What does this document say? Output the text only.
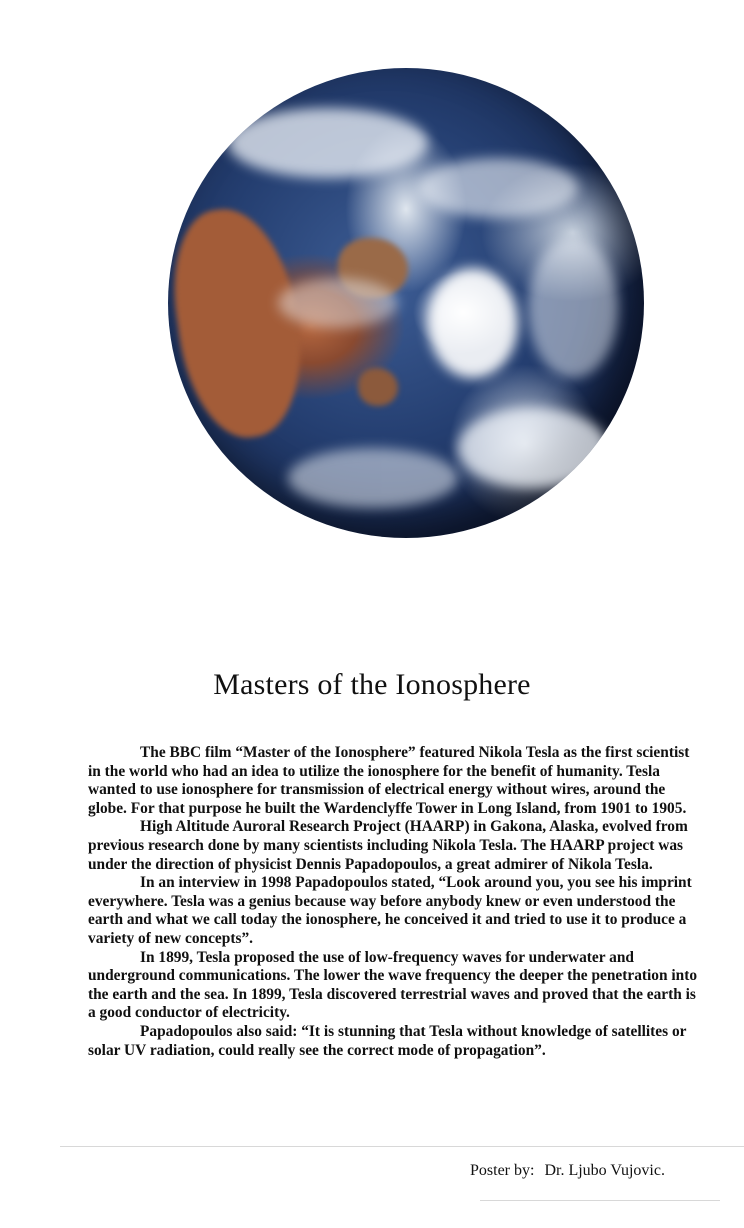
Masters of the Ionosphere

The BBC film “Master of the Ionosphere” featured Nikola Tesla as the first scientist in the world who had an idea to utilize the ionosphere for the benefit of humanity. Tesla wanted to use ionosphere for transmission of electrical energy without wires, around the globe. For that purpose he built the Wardenclyffe Tower in Long Island, from 1901 to 1905.

High Altitude Auroral Research Project (HAARP) in Gakona, Alaska, evolved from previous research done by many scientists including Nikola Tesla. The HAARP project was under the direction of physicist Dennis Papadopoulos, a great admirer of Nikola Tesla.

In an interview in 1998 Papadopoulos stated, “Look around you, you see his imprint everywhere. Tesla was a genius because way before anybody knew or even understood the earth and what we call today the ionosphere, he conceived it and tried to use it to produce a variety of new concepts”.

In 1899, Tesla proposed the use of low-frequency waves for underwater and underground communications. The lower the wave frequency the deeper the penetration into the earth and the sea. In 1899, Tesla discovered terrestrial waves and proved that the earth is a good conductor of electricity.

Papadopoulos also said: “It is stunning that Tesla without knowledge of satellites or solar UV radiation, could really see the correct mode of propagation”.

Poster by: Dr. Ljubo Vujovic.
